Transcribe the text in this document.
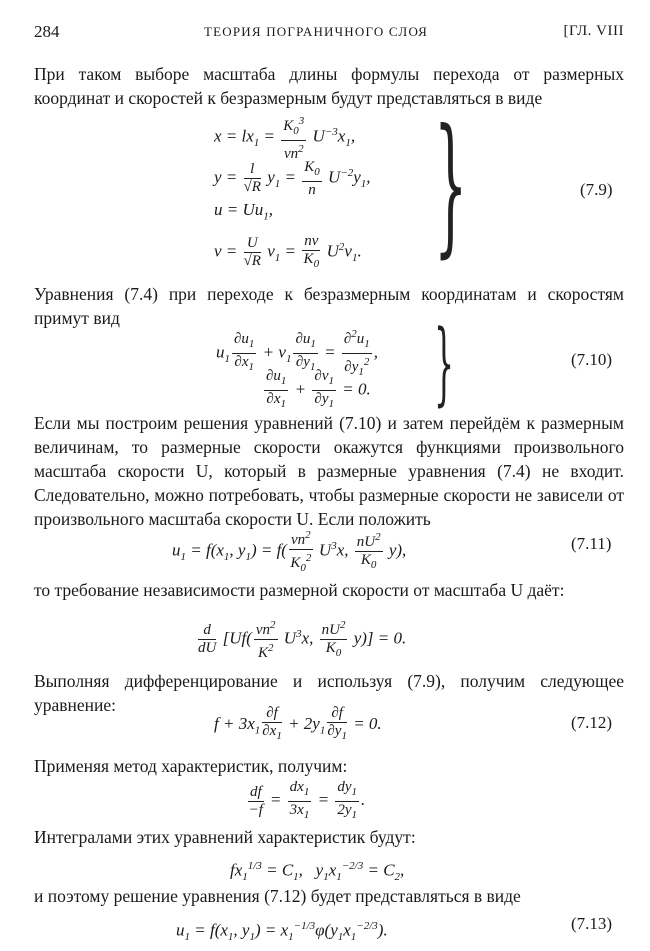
284	ТЕОРИЯ ПОГРАНИЧНОГО СЛОЯ	[ГЛ. VIII

При таком выборе масштаба длины формулы перехода от размерных координат и скоростей к безразмерным будут представляться в виде

$x = lx_1 = \frac{K_0^3}{\nu n^2} U^{-3}x_1$,
$y = \frac{l}{√R} y_1 = \frac{K_0}{n} U^{-2}y_1$,
$u = Uu_1$,
$v = \frac{U}{√R} v_1 = \frac{n\nu}{K_0} U^2v_1$. }	(7.9)

Уравнения (7.4) при переходе к безразмерным координатам и скоростям примут вид

$u_1 \frac{\partial u_1}{\partial x_1} + v_1 \frac{\partial u_1}{\partial y_1} = \frac{\partial^2u_1}{\partial y_1^2}$ ,
$\frac{\partial u_1}{\partial x_1} + \frac{\partial v_1}{\partial y_1} = 0$. }	(7.10)

Если мы построим решения уравнений (7.10) и затем перейдём к размерным величинам, то размерные скорости окажутся функциями произвольного масштаба скорости U, который в размерные уравнения (7.4) не входит. Следовательно, можно потребовать, чтобы размерные скорости не зависели от произвольного масштаба скорости U. Если положить

$u_1 = f(x_1$, $y_1) = f( \frac{\nu n^2}{K_0^2} U^3x$, $\frac{nU^2}{K_0} y$),	(7.11)

то требование независимости размерной скорости от масштаба U даёт:

$\frac{d}{dU} [Uf( \frac{\nu n^2}{K^2} U^3x$, $\frac{nU^2}{K_0} y)] = 0$.

Выполняя дифференцирование и используя (7.9), получим следующее уравнение:

$f + 3x_1 \frac{\partial f}{\partial x_1} + 2y_1 \frac{\partial f}{\partial y_1} = 0$.	(7.12)

Применяя метод характеристик, получим:

$\frac{df}{-f} = \frac{dx_1}{3x_1} = \frac{dy_1}{2y_1}$ .

Интегралами этих уравнений характеристик будут:

$fx_1^{1/3} = C_1$,   $y_1x_1^{-2/3} = C_2$,

и поэтому решение уравнения (7.12) будет представляться в виде

$u_1 = f(x_1$, $y_1) = x_1^{-1/3}\varphi(y_1x_1^{-2/3})$.	(7.13)
